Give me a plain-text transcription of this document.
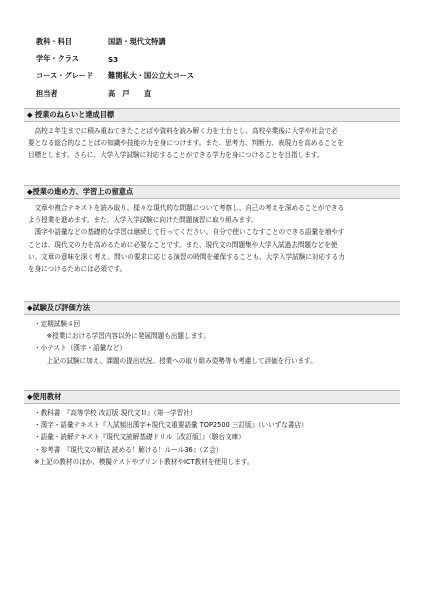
教科・科目	国語・現代文特講
学年・クラス	S3
コース・グレード	難関私大・国公立大コース
担当者	高　戸　　直
◆ 授業のねらいと達成目標

　高校２年生までに積み重ねてきたことばや資料を読み解く力を土台とし、高校卒業後に大学や社会で必

要となる総合的なことばの知識や技能の力を身につけます。また、思考力、判断力、表現力を高めることを

目標とします。さらに、大学入学試験に対応することができる学力を身につけることを目指します。

◆授業の進め方、学習上の留意点

　文章や複合テキストを読み取り、様々な現代的な問題について考察し、自己の考えを深めることができる

よう授業を進めます。また、大学入学試験に向けた問題演習に取り組みます。

　漢字や語彙などの基礎的な学習は継続して行ってください。自分で使いこなすことのできる語彙を増やす

ことは、現代文の力を高めるために必要なことです。また、現代文の問題集や大学入試過去問題などを使

い、文章の意味を深く考え、問いの要求に応じる演習の時間を確保することも、大学入学試験に対応する力

を身につけるためには必須です。

◆試験及び評価方法
・定期試験４回
　※授業における学習内容以外に発展問題も出題します。
・小テスト（漢字・語彙など）
　上記の試験に加え、課題の提出状況、授業への取り組み姿勢等も考慮して評価を行います。
◆使用教材
・教科書　『高等学校 改訂版 現代文Ｂ』（第一学習社）
・漢字・語彙テキスト『入試頻出漢字+現代文重要語彙 TOP2500 三訂版』（いいずな書店）
・語彙・読解テキスト『現代文読解基礎ドリル［改訂版］』（駿台文庫）
・参考書　『現代文の解法 読める！解ける！ルール36』（Ｚ会）
※上記の教材のほか、模擬テストやプリント教材やICT教材を使用します。
